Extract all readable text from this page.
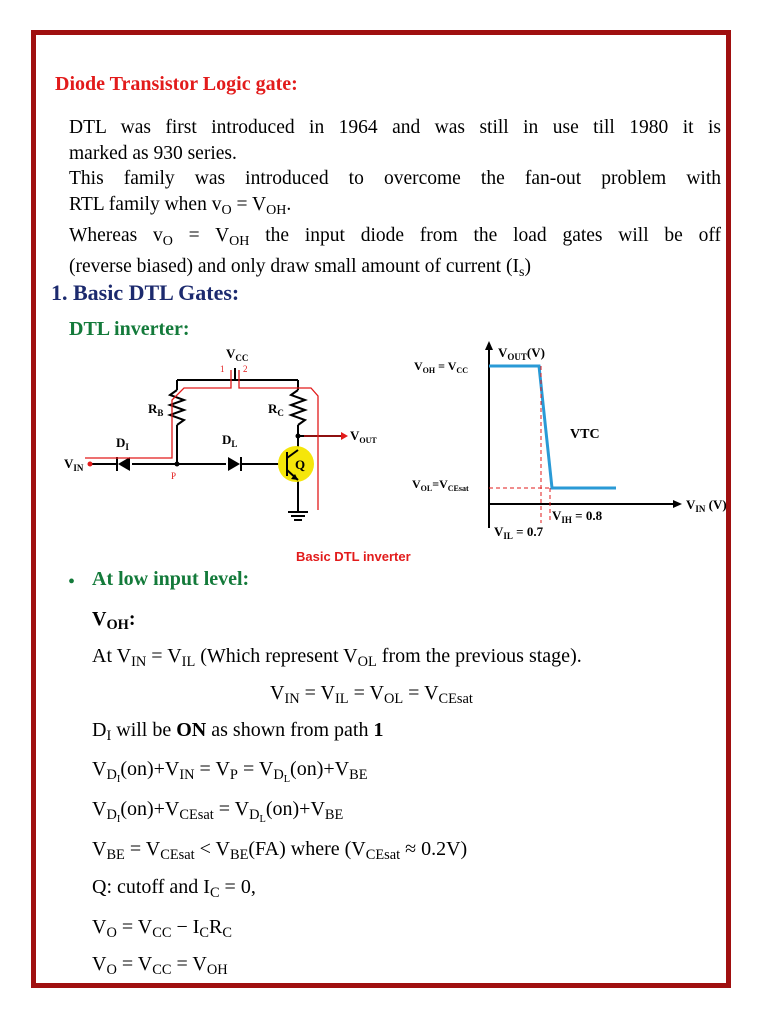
Diode Transistor Logic gate:
DTL was first introduced in 1964 and was still in use till 1980 it is
marked as 930 series.
This family was introduced to overcome the fan-out problem with
RTL family when $v_O = V_{OH}$.
Whereas $v_O = V_{OH}$ the input diode from the load gates will be off
(reverse biased) and only draw small amount of current $(I_s)$
1. Basic DTL Gates:
DTL inverter:
$V_{CC}$
1 2
$R_B$	$R_C$
$V_{OUT}$
$D_I$	$D_L$
$V_{IN}$
P
Q
Basic DTL inverter
$V_{OUT}(V)$
$V_{OH} = V_{CC}$
$V_{OL}=V_{CEsat}$
VTC
$V_{IN}$ (V)
$V_{IH} = 0.8$
$V_{IL} = 0.7$
• At low input level:
$V_{OH}$:
At $V_{IN} = V_{IL}$ (Which represent $V_{OL}$ from the previous stage).
$V_{IN} = V_{IL} = V_{OL} = V_{CEsat}$
$D_I$ will be ON as shown from path 1
$V_{D_I}(on)+V_{IN} = V_P = V_{D_L}(on)+V_{BE}$
$V_{D_I}(on)+V_{CEsat} = V_{D_L}(on)+V_{BE}$
$V_{BE} = V_{CEsat} < V_{BE}(FA)$ where $(V_{CEsat} \approx 0.2V)$
Q: cutoff and $I_C = 0$,
$V_O = V_{CC} - I_CR_C$
$V_O = V_{CC} = V_{OH}$
